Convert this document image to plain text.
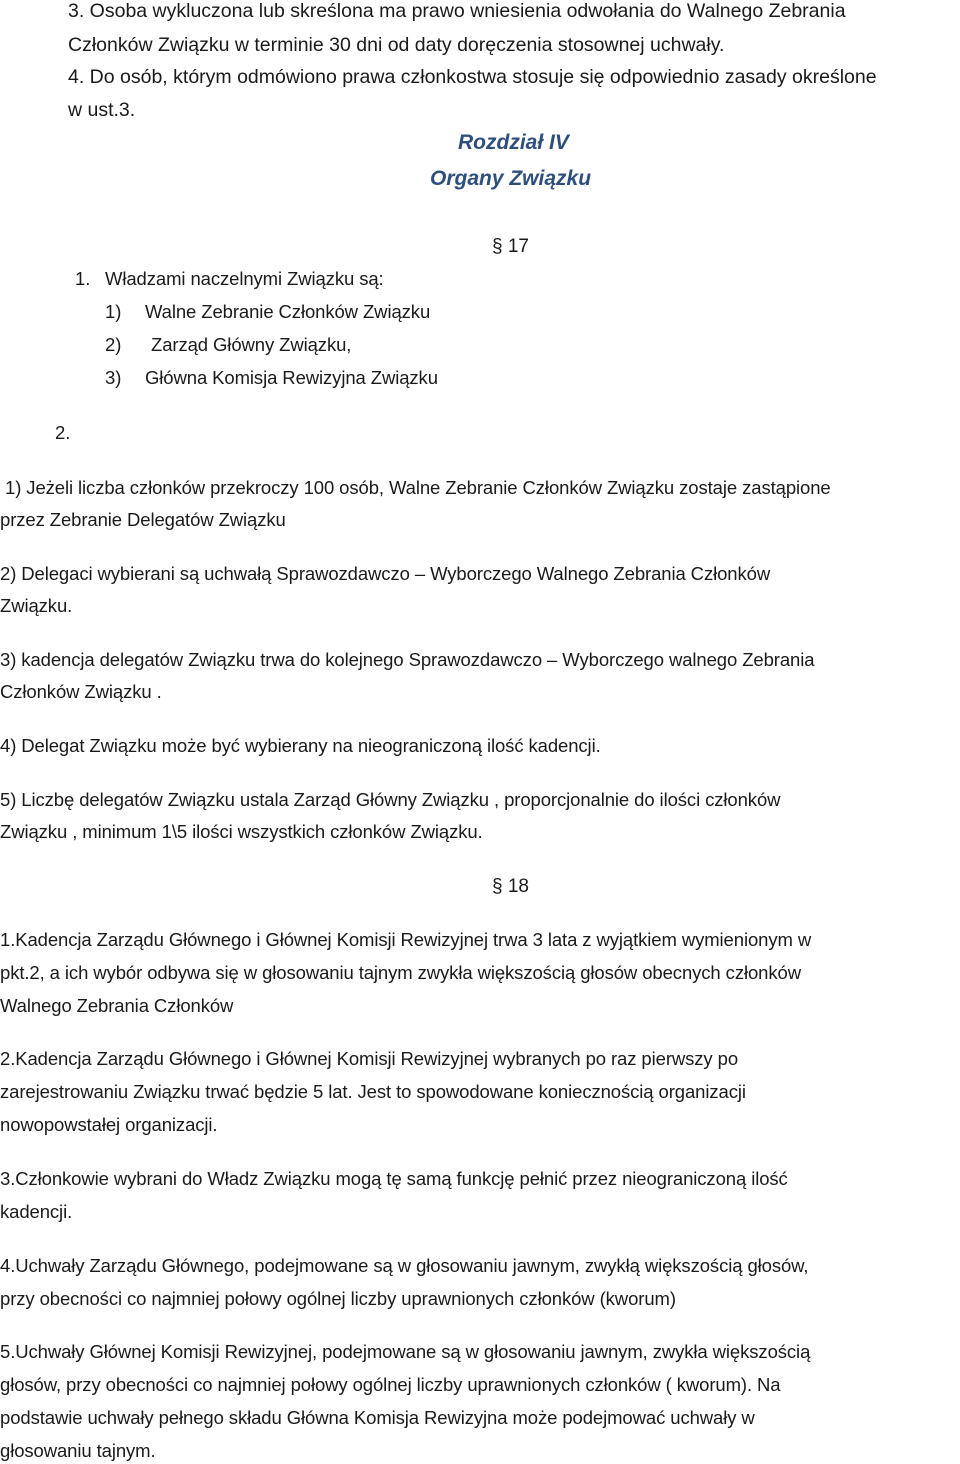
3. Osoba wykluczona lub skreślona ma prawo wniesienia odwołania do Walnego Zebrania
Członków Związku w terminie 30 dni od daty doręczenia stosownej uchwały.
4. Do osób, którym odmówiono prawa członkostwa stosuje się odpowiednio zasady określone
w ust.3.
Rozdział IV
Organy Związku
§ 17
1. Władzami naczelnymi Związku są:
1) Walne Zebranie Członków Związku
2) Zarząd Główny Związku,
3) Główna Komisja Rewizyjna Związku
2.
1) Jeżeli liczba członków przekroczy 100 osób, Walne Zebranie Członków Związku zostaje zastąpione
przez Zebranie Delegatów Związku
2) Delegaci wybierani są uchwałą Sprawozdawczo – Wyborczego Walnego Zebrania Członków
Związku.
3) kadencja delegatów Związku trwa do kolejnego Sprawozdawczo – Wyborczego walnego Zebrania
Członków Związku .
4) Delegat Związku może być wybierany na nieograniczoną ilość kadencji.
5) Liczbę delegatów Związku ustala Zarząd Główny Związku , proporcjonalnie do ilości członków
Związku , minimum 1\5 ilości wszystkich członków Związku.
§ 18
1.Kadencja Zarządu Głównego i Głównej Komisji Rewizyjnej trwa 3 lata z wyjątkiem wymienionym w
pkt.2, a ich wybór odbywa się w głosowaniu tajnym zwykła większością głosów obecnych członków
Walnego Zebrania Członków
2.Kadencja Zarządu Głównego i Głównej Komisji Rewizyjnej wybranych po raz pierwszy po
zarejestrowaniu Związku trwać będzie 5 lat. Jest to spowodowane koniecznością organizacji
nowopowstałej organizacji.
3.Członkowie wybrani do Władz Związku mogą tę samą funkcję pełnić przez nieograniczoną ilość
kadencji.
4.Uchwały Zarządu Głównego, podejmowane są w głosowaniu jawnym, zwykłą większością głosów,
przy obecności co najmniej połowy ogólnej liczby uprawnionych członków (kworum)
5.Uchwały Głównej Komisji Rewizyjnej, podejmowane są w głosowaniu jawnym, zwykła większością
głosów, przy obecności co najmniej połowy ogólnej liczby uprawnionych członków ( kworum). Na
podstawie uchwały pełnego składu Główna Komisja Rewizyjna może podejmować uchwały w
głosowaniu tajnym.
